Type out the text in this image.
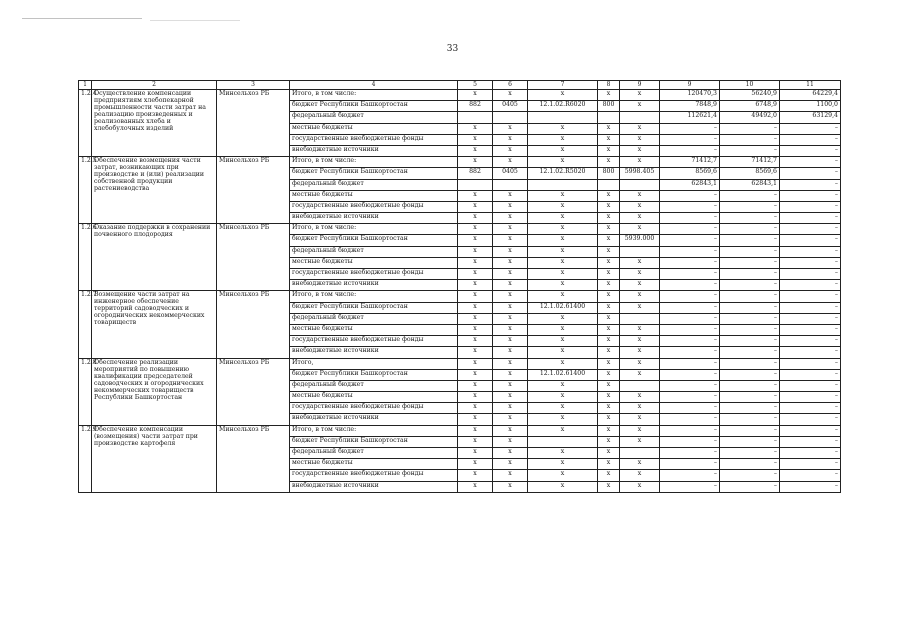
33
1	2	3	4	5	6	7	8	9	9	10	11
1.2.4	Осуществление компенсации предприятиям хлебопекарной промышленности части затрат на реализацию произведенных и реализованных хлеба и хлебобулочных изделий	Минсельхоз РБ	Итого, в том числе:	x	x	x	x	x	120470,3	56240,9	64229,4
			бюджет Республики Башкортостан	882	0405	12.1.02.R6020	800	x	7848,9	6748,9	1100,0
			федеральный бюджет						112621,4	49492,0	63129,4
			местные бюджеты	x	x	x	x	x	–	–	–
			государственные внебюджетные фонды	x	x	x	x	x	–	–	–
			внебюджетные источники	x	x	x	x	x	–	–	–
1.2.5	Обеспечение возмещения части затрат, возникающих при производстве и (или) реализации собственной продукции растениеводства	Минсельхоз РБ	Итого, в том числе:	x	x	x	x	x	71412,7	71412,7	–
			бюджет Республики Башкортостан	882	0405	12.1.02.R5020	800	5998.405	8569,6	8569,6	–
			федеральный бюджет						62843,1	62843,1	–
			местные бюджеты	x	x	x	x	x	–	–	–
			государственные внебюджетные фонды	x	x	x	x	x	–	–	–
			внебюджетные источники	x	x	x	x	x	–	–	–
1.2.6	Оказание поддержки в сохранении почвенного плодородия	Минсельхоз РБ	Итого, в том числе:	x	x	x	x	x	–	–	–
			бюджет Республики Башкортостан	x	x	x	x	5939.000	–	–	–
			федеральный бюджет	x	x	x	x		–	–	–
			местные бюджеты	x	x	x	x	x	–	–	–
			государственные внебюджетные фонды	x	x	x	x	x	–	–	–
			внебюджетные источники	x	x	x	x	x	–	–	–
1.2.7	Возмещение части затрат на инженерное обеспечение территорий садоводческих и огороднических некоммерческих товариществ	Минсельхоз РБ	Итого, в том числе:	x	x	x	x	x	–	–	–
			бюджет Республики Башкортостан	x	x	12.1.02.61400	x	x	–	–	–
			федеральный бюджет	x	x	x	x		–	–	–
			местные бюджеты	x	x	x	x	x	–	–	–
			государственные внебюджетные фонды	x	x	x	x	x	–	–	–
			внебюджетные источники	x	x	x	x	x	–	–	–
1.2.8	Обеспечение реализации мероприятий по повышению квалификации председателей садоводческих и огороднических некоммерческих товариществ Республики Башкортостан	Минсельхоз РБ	Итого,	x	x	x	x	x	–	–	–
			бюджет Республики Башкортостан	x	x	12.1.02.61400	x	x	–	–	–
			федеральный бюджет	x	x	x	x		–	–	–
			местные бюджеты	x	x	x	x	x	–	–	–
			государственные внебюджетные фонды	x	x	x	x	x	–	–	–
			внебюджетные источники	x	x	x	x	x	–	–	–
1.2.9	Обеспечение компенсации (возмещения) части затрат при производстве картофеля	Минсельхоз РБ	Итого, в том числе:	x	x	x	x	x	–	–	–
			бюджет Республики Башкортостан	x	x		x	x	–	–	–
			федеральный бюджет	x	x	x	x		–	–	–
			местные бюджеты	x	x	x	x	x	–	–	–
			государственные внебюджетные фонды	x	x	x	x	x	–	–	–
			внебюджетные источники	x	x	x	x	x	–	–	–
